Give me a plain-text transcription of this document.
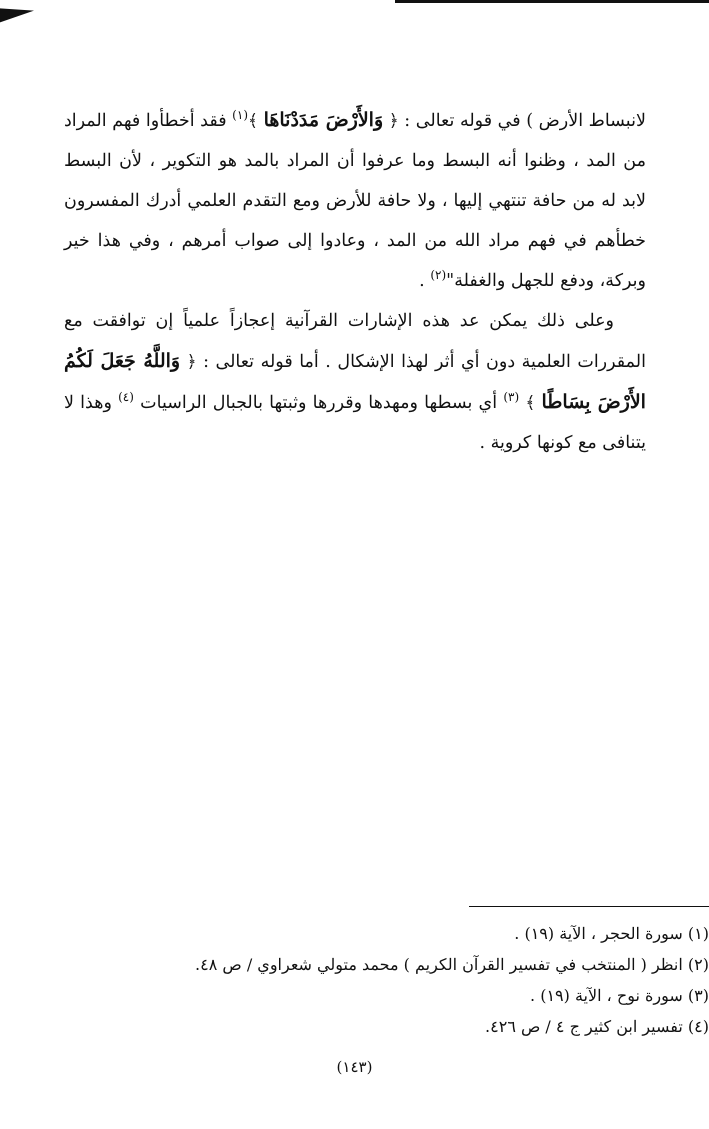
لانبساط الأرض ) في قوله تعالى : ﴿ وَالأَرْضَ مَدَدْنَاهَا ﴾$^{(١)}$ فقد أخطأوا فهم المراد من المد ، وظنوا أنه البسط وما عرفوا أن المراد بالمد هو التكوير ، لأن البسط لابد له من حافة تنتهي إليها ، ولا حافة للأرض ومع التقدم العلمي أدرك المفسرون خطأهم في فهم مراد الله من المد ، وعادوا إلى صواب أمرهم ، وفي هذا خير وبركة، ودفع للجهل والغفلة"$^{(٢)}$ .

وعلى ذلك يمكن عد هذه الإشارات القرآنية إعجازاً علمياً إن توافقت مع المقررات العلمية دون أي أثر لهذا الإشكال . أما قوله تعالى : ﴿ وَاللَّهُ جَعَلَ لَكُمُ الأَرْضَ بِسَاطًا ﴾ $^{(٣)}$ أي بسطها ومهدها وقررها وثبتها بالجبال الراسيات $^{(٤)}$ وهذا لا يتنافى مع كونها كروية .

(١) سورة الحجر ، الآية (١٩) .
(٢) انظر ( المنتخب في تفسير القرآن الكريم ) محمد متولي شعراوي / ص ٤٨.
(٣) سورة نوح ، الآية (١٩) .
(٤) تفسير ابن كثير ج ٤ / ص ٤٢٦.
(١٤٣)
